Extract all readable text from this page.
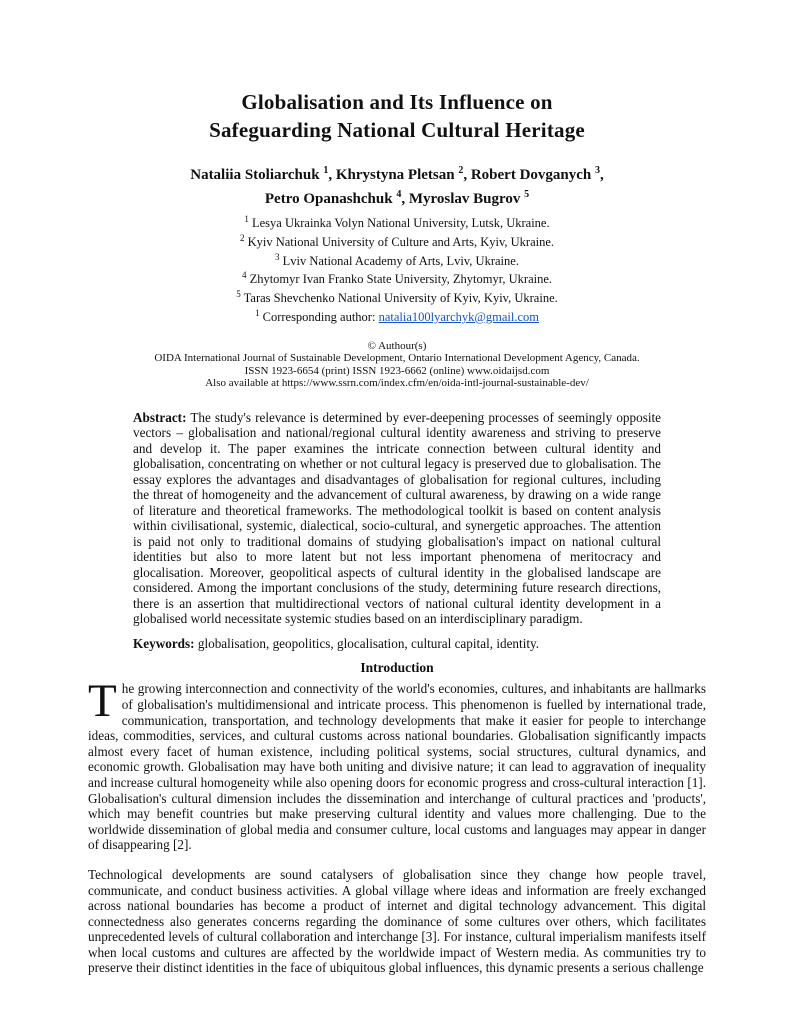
Globalisation and Its Influence on
Safeguarding National Cultural Heritage
Nataliia Stoliarchuk $^1$, Khrystyna Pletsan $^2$, Robert Dovganych $^3$,
Petro Opanashchuk $^4$, Myroslav Bugrov $^5$
$^1$ Lesya Ukrainka Volyn National University, Lutsk, Ukraine.
$^2$ Kyiv National University of Culture and Arts, Kyiv, Ukraine.
$^3$ Lviv National Academy of Arts, Lviv, Ukraine.
$^4$ Zhytomyr Ivan Franko State University, Zhytomyr, Ukraine.
$^5$ Taras Shevchenko National University of Kyiv, Kyiv, Ukraine.
$^1$ Corresponding author: natalia100lyarchyk@gmail.com
© Authour(s)
OIDA International Journal of Sustainable Development, Ontario International Development Agency, Canada.
ISSN 1923-6654 (print) ISSN 1923-6662 (online) www.oidaijsd.com
Also available at https://www.ssrn.com/index.cfm/en/oida-intl-journal-sustainable-dev/
Abstract: The study's relevance is determined by ever-deepening processes of seemingly opposite vectors – globalisation and national/regional cultural identity awareness and striving to preserve and develop it. The paper examines the intricate connection between cultural identity and globalisation, concentrating on whether or not cultural legacy is preserved due to globalisation. The essay explores the advantages and disadvantages of globalisation for regional cultures, including the threat of homogeneity and the advancement of cultural awareness, by drawing on a wide range of literature and theoretical frameworks. The methodological toolkit is based on content analysis within civilisational, systemic, dialectical, socio-cultural, and synergetic approaches. The attention is paid not only to traditional domains of studying globalisation's impact on national cultural identities but also to more latent but not less important phenomena of meritocracy and glocalisation. Moreover, geopolitical aspects of cultural identity in the globalised landscape are considered. Among the important conclusions of the study, determining future research directions, there is an assertion that multidirectional vectors of national cultural identity development in a globalised world necessitate systemic studies based on an interdisciplinary paradigm.
Keywords: globalisation, geopolitics, glocalisation, cultural capital, identity.
Introduction

The growing interconnection and connectivity of the world's economies, cultures, and inhabitants are hallmarks of globalisation's multidimensional and intricate process. This phenomenon is fuelled by international trade, communication, transportation, and technology developments that make it easier for people to interchange ideas, commodities, services, and cultural customs across national boundaries. Globalisation significantly impacts almost every facet of human existence, including political systems, social structures, cultural dynamics, and economic growth. Globalisation may have both uniting and divisive nature; it can lead to aggravation of inequality and increase cultural homogeneity while also opening doors for economic progress and cross-cultural interaction [1]. Globalisation's cultural dimension includes the dissemination and interchange of cultural practices and 'products', which may benefit countries but make preserving cultural identity and values more challenging. Due to the worldwide dissemination of global media and consumer culture, local customs and languages may appear in danger of disappearing [2].

Technological developments are sound catalysers of globalisation since they change how people travel, communicate, and conduct business activities. A global village where ideas and information are freely exchanged across national boundaries has become a product of internet and digital technology advancement. This digital connectedness also generates concerns regarding the dominance of some cultures over others, which facilitates unprecedented levels of cultural collaboration and interchange [3]. For instance, cultural imperialism manifests itself when local customs and cultures are affected by the worldwide impact of Western media. As communities try to preserve their distinct identities in the face of ubiquitous global influences, this dynamic presents a serious challenge
